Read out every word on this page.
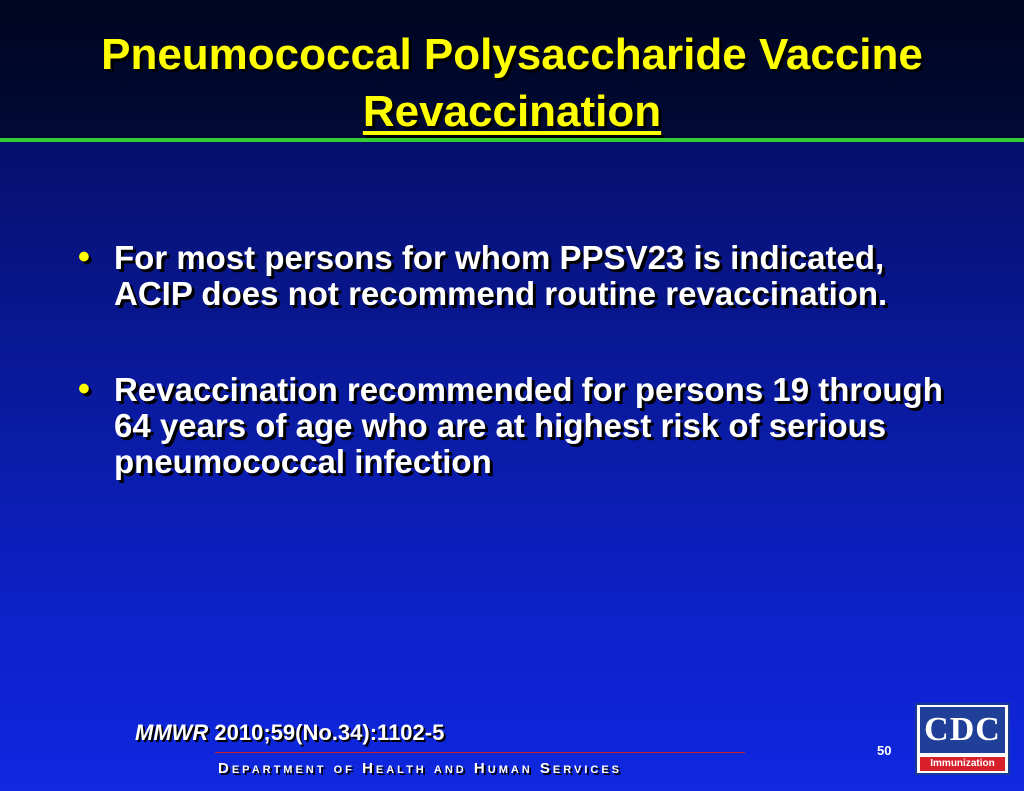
Pneumococcal Polysaccharide Vaccine
Revaccination
• For most persons for whom PPSV23 is indicated, ACIP does not recommend routine revaccination.
• Revaccination recommended for persons 19 through 64 years of age who are at highest risk of serious pneumococcal infection
MMWR 2010;59(No.34):1102-5
Department of Health and Human Services
50
CDC
Immunization
